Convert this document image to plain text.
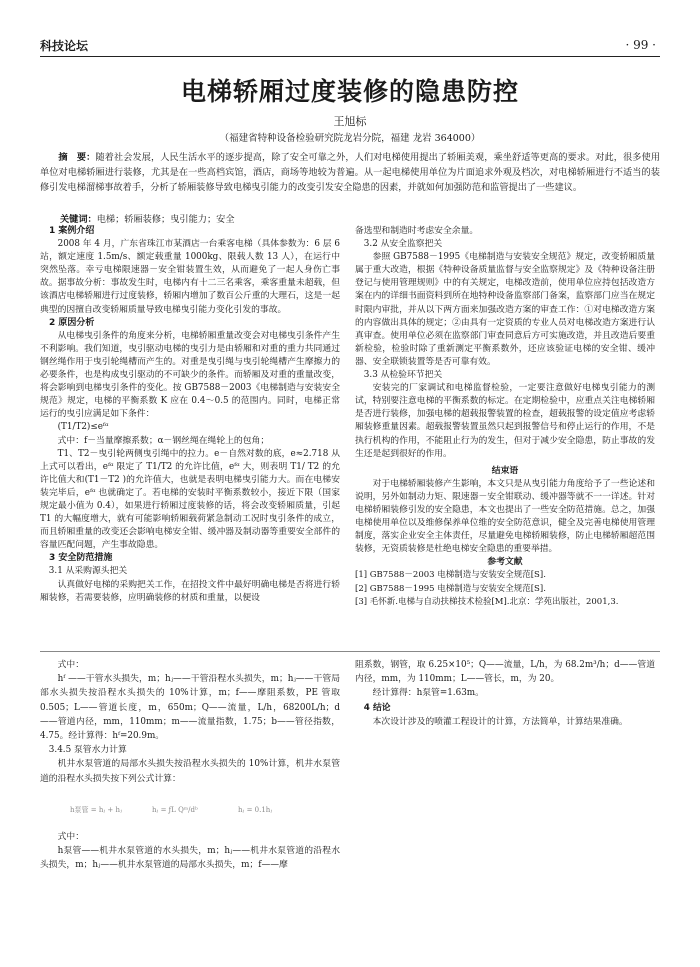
科技论坛	· 99 ·
电梯轿厢过度装修的隐患防控
王旭标
（福建省特种设备检验研究院龙岩分院，福建 龙岩 364000）
摘　要：随着社会发展，人民生活水平的逐步提高，除了安全可靠之外，人们对电梯使用提出了轿厢美观，乘坐舒适等更高的要求。对此，很多使用单位对电梯轿厢进行装修，尤其是在一些高档宾馆，酒店，商场等地较为普遍。从一起电梯使用单位为片面追求外观及档次，对电梯轿厢进行不适当的装修引发电梯溜梯事故着手，分析了轿厢装修导致电梯曳引能力的改变引发安全隐患的因素，并就如何加强防范和监管提出了一些建议。
关键词：电梯；轿厢装修；曳引能力；安全

1 案例介绍

2008 年 4 月，广东省珠江市某酒店一台乘客电梯（具体参数为：6 层 6 站，额定速度 1.5m/s、额定载重量 1000kg、限载人数 13 人），在运行中突然坠落。幸亏电梯限速器－安全钳装置生效，从而避免了一起人身伤亡事故。据事故分析：事故发生时，电梯内有十二三名乘客，乘客重量未超载，但该酒店电梯轿厢进行过度装修，轿厢内增加了数百公斤重的大理石，这是一起典型的因擅自改变轿厢质量导致电梯曳引能力变化引发的事故。

2 原因分析

从电梯曳引条件的角度来分析，电梯轿厢重量改变会对电梯曳引条件产生不利影响。我们知道，曳引驱动电梯的曳引力是由轿厢和对重的重力共同通过钢丝绳作用于曳引轮绳槽而产生的。对重是曳引绳与曳引轮绳槽产生摩擦力的必要条件，也是构成曳引驱动的不可缺少的条件。而轿厢及对重的重量改变，将会影响到电梯曳引条件的变化。按 GB7588－2003《电梯制造与安装安全规范》规定，电梯的平衡系数 K 应在 0.4～0.5 的范围内。同时，电梯正常运行的曳引应满足如下条件：

(T1/T2)≤eᶠᵅ

式中：f－当量摩擦系数；α－钢丝绳在绳轮上的包角；

T1、T2－曳引轮两侧曳引绳中的拉力。e－自然对数的底，e≈2.718 从上式可以看出，eᶠᵅ 限定了 T1/T2 的允许比值，eᶠᵅ 大，则表明 T1/ T2 的允许比值大和(T1－T2 )的允许值大，也就是表明电梯曳引能力大。而在电梯安装完毕后，eᶠᵅ 也就确定了。若电梯的安装时平衡系数较小，接近下限（国家规定最小值为 0.4），如果进行轿厢过度装修的话，将会改变轿厢质量，引起 T1 的大幅度增大，就有可能影响轿厢载荷紧急制动工况时曳引条件的成立，而且轿厢重量的改变还会影响电梯安全钳、缓冲器及制动器等重要安全部件的容量匹配问题，产生事故隐患。

3 安全防范措施

3.1 从采购源头把关

认真做好电梯的采购把关工作，在招投文件中最好明确电梯是否将进行轿厢装修，若需要装修，应明确装修的材质和重量，以便设

备选型和制造时考虑安全余量。

3.2 从安全监察把关

参照 GB7588－1995《电梯制造与安装安全规范》规定，改变轿厢质量属于重大改造，根据《特种设备质量监督与安全监察规定》及《特种设备注册登记与使用管理规则》中的有关规定，电梯改造前，使用单位应持包括改造方案在内的详细书面资料到所在地特种设备监察部门备案，监察部门应当在规定时限内审批，并从以下两方面来加强改造方案的审查工作：①对电梯改造方案的内容做出具体的规定；②由具有一定资质的专业人员对电梯改造方案进行认真审查。使用单位必须在监察部门审查同意后方可实施改造，并且改造后要重新检验，检验时除了重新测定平衡系数外，还应该验证电梯的安全钳、缓冲器、安全联锁装置等是否可靠有效。

3.3 从检验环节把关

安装完的厂家调试和电梯监督检验，一定要注意做好电梯曳引能力的测试，特别要注意电梯的平衡系数的标定。在定期检验中，应重点关注电梯轿厢是否进行装修，加强电梯的超载报警装置的检查，超载报警的设定值应考虑轿厢装修重量因素。超载报警装置虽然只起到报警信号和停止运行的作用，不是执行机构的作用，不能阻止行为的发生，但对于减少安全隐患，防止事故的发生还是起到很好的作用。

结束语

对于电梯轿厢装修产生影响，本文只是从曳引能力角度给予了一些论述和说明，另外如制动力矩、限速器－安全钳联动、缓冲器等就不一一详述。针对电梯轿厢装修引发的安全隐患，本文也提出了一些安全防范措施。总之，加强电梯使用单位以及维修保养单位维的安全防范意识，健全及完善电梯使用管理制度，落实企业安全主体责任，尽量避免电梯轿厢装修，防止电梯轿厢超范围装修，无资质装修是杜绝电梯安全隐患的重要举措。

参考文献

[1] GB7588－2003 电梯制造与安装安全规范[S].

[2] GB7588－1995 电梯制造与安装安全规范[S].

[3] 毛怀新.电梯与自动扶梯技术检验[M].北京：学苑出版社，2001,3.

式中：

hᶠ ——干管水头损失，m；hⱼ——干管沿程水头损失，m；hⱼ——干管局部水头损失按沿程水头损失的 10%计算，m；f——摩阻系数，PE 管取 0.505；L——管道长度，m，650m；Q——流量，L/h，68200L/h；d——管道内径，mm，110mm；m——流量指数，1.75；b——管径指数，4.75。经计算得：hᶠ=20.9m。

3.4.5 泵管水力计算

机井水泵管道的局部水头损失按沿程水头损失的 10%计算，机井水泵管道的沿程水头损失按下列公式计算：

h泵管 = hⱼ + hⱼ	hⱼ = ƒL Qᵐ/dᵇ	hⱼ = 0.1hⱼ

式中：

h泵管——机井水泵管道的水头损失，m；hⱼ——机井水泵管道的沿程水头损失，m；hⱼ——机井水泵管道的局部水头损失，m；f——摩

阻系数，钢管，取 6.25×10⁵；Q——流量，L/h，为 68.2m³/h；d——管道内径，mm，为 110mm；L——管长，m，为 20。

经计算得：h泵管=1.63m。

4 结论

本次设计涉及的喷灌工程设计的计算，方法简单，计算结果准确。
